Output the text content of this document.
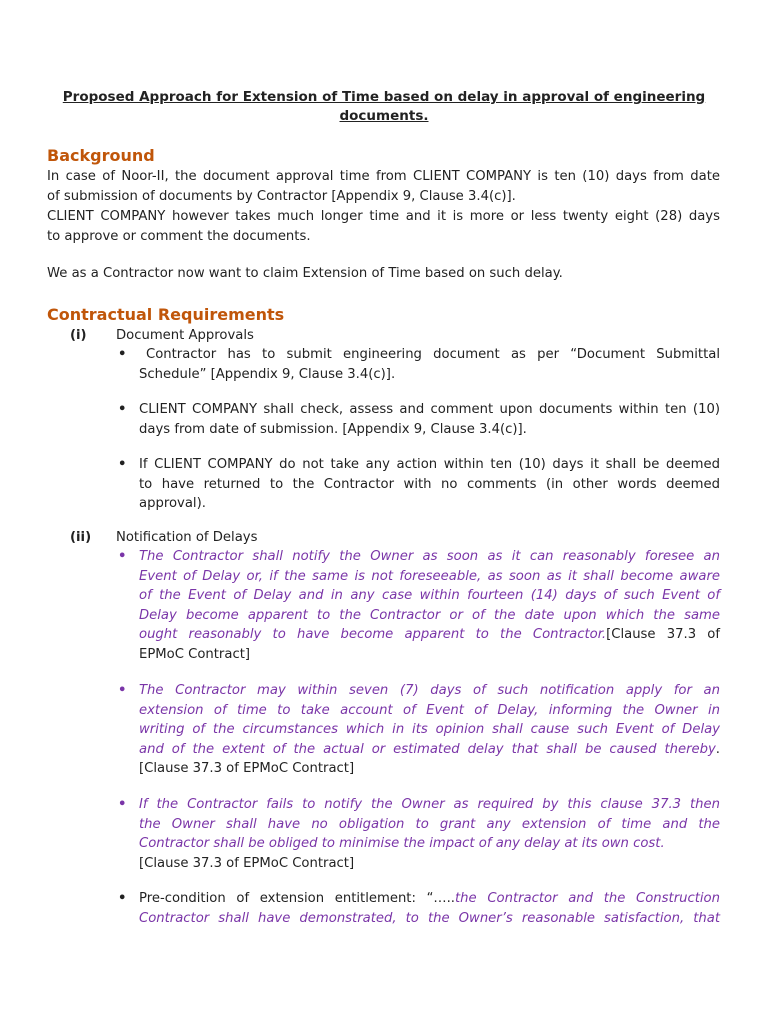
Proposed Approach for Extension of Time based on delay in approval of engineering
documents.
Background
In case of Noor-II, the document approval time from CLIENT COMPANY is ten (10) days from date
of submission of documents by Contractor [Appendix 9, Clause 3.4(c)].
CLIENT COMPANY however takes much longer time and it is more or less twenty eight (28) days
to approve or comment the documents.
We as a Contractor now want to claim Extension of Time based on such delay.
Contractual Requirements
(i) Document Approvals
•	Contractor has to submit engineering document as per “Document Submittal
Schedule” [Appendix 9, Clause 3.4(c)].
• CLIENT COMPANY shall check, assess and comment upon documents within ten (10)
days from date of submission. [Appendix 9, Clause 3.4(c)].
• If CLIENT COMPANY do not take any action within ten (10) days it shall be deemed
to have returned to the Contractor with no comments (in other words deemed
approval).
(ii) Notification of Delays
• The Contractor shall notify the Owner as soon as it can reasonably foresee an
Event of Delay or, if the same is not foreseeable, as soon as it shall become aware
of the Event of Delay and in any case within fourteen (14) days of such Event of
Delay become apparent to the Contractor or of the date upon which the same
ought reasonably to have become apparent to the Contractor.[Clause 37.3 of
EPMoC Contract]
• The Contractor may within seven (7) days of such notification apply for an
extension of time to take account of Event of Delay, informing the Owner in
writing of the circumstances which in its opinion shall cause such Event of Delay
and of the extent of the actual or estimated delay that shall be caused thereby.
[Clause 37.3 of EPMoC Contract]
• If the Contractor fails to notify the Owner as required by this clause 37.3 then
the Owner shall have no obligation to grant any extension of time and the
Contractor shall be obliged to minimise the impact of any delay at its own cost.
[Clause 37.3 of EPMoC Contract]
• Pre-condition of extension entitlement: “…..the Contractor and the Construction
Contractor shall have demonstrated, to the Owner’s reasonable satisfaction, that
